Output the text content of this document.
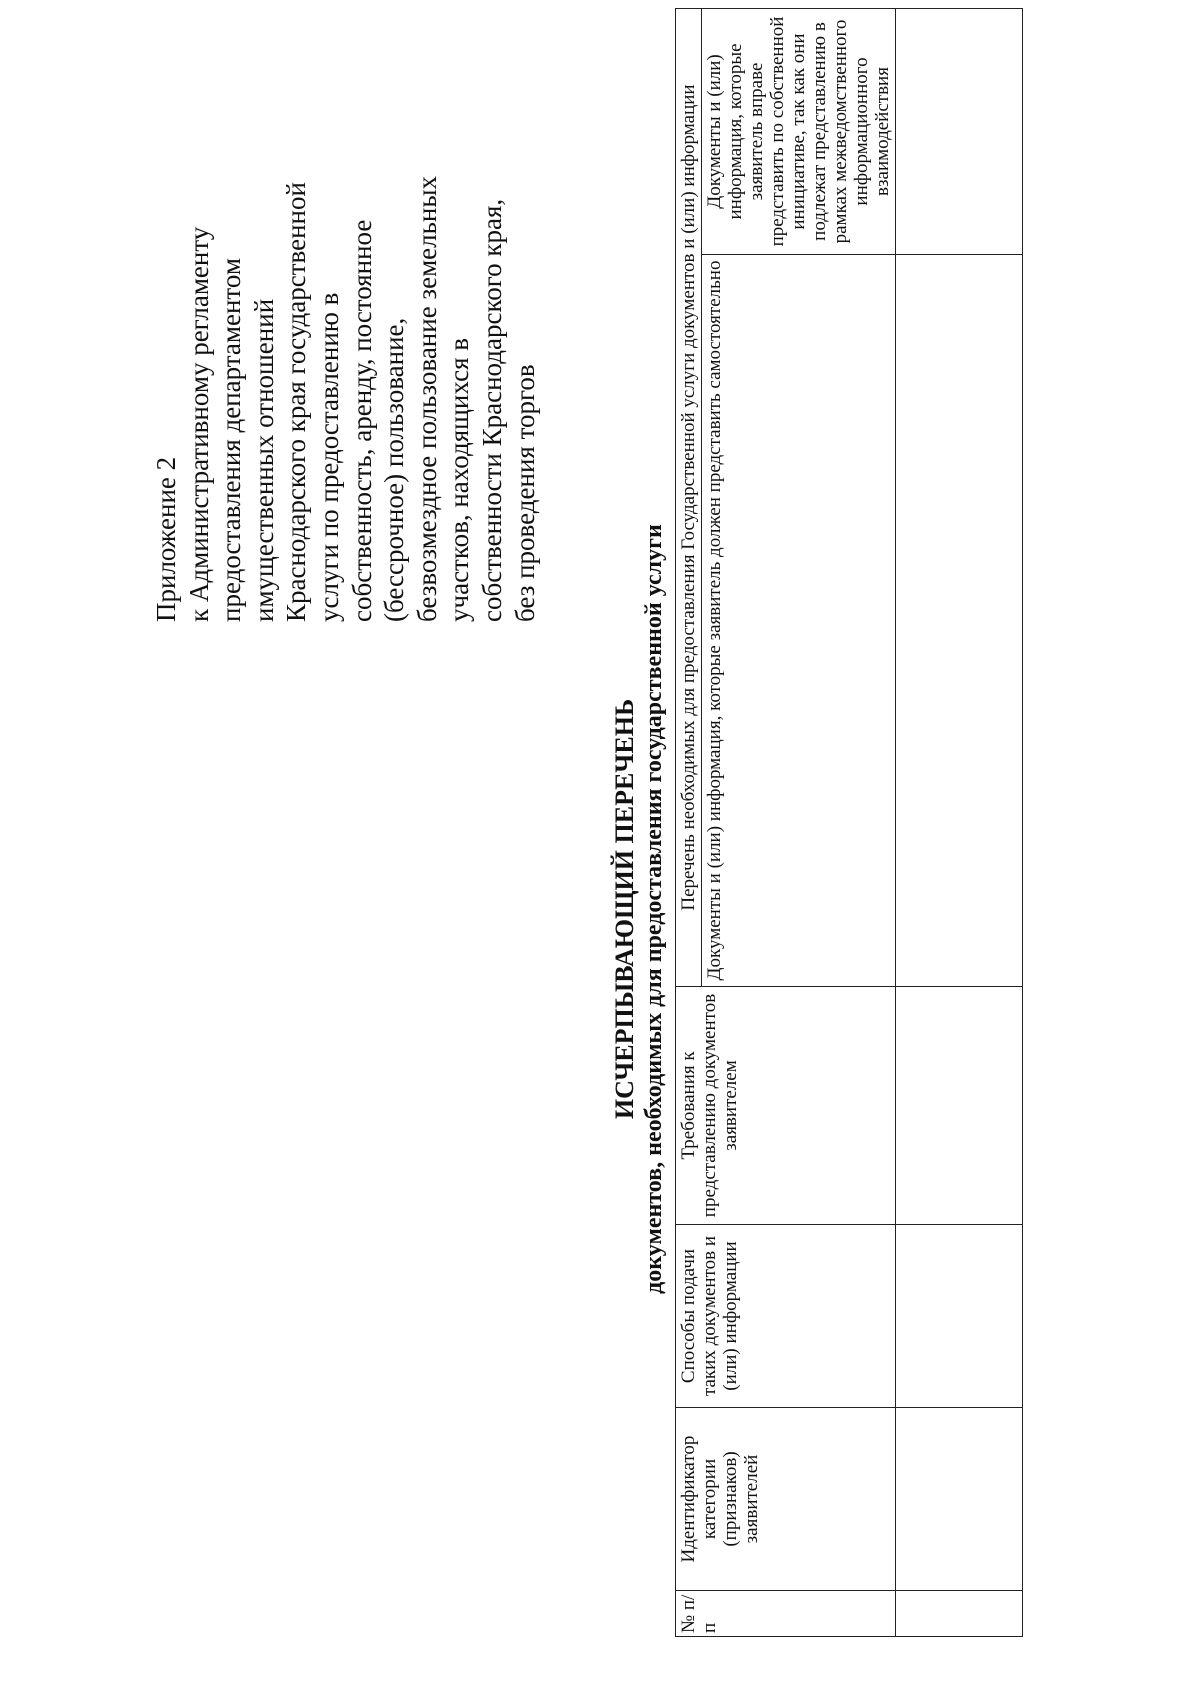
Приложение 2 к Административному регламенту предоставления департаментом имущественных отношений Краснодарского края государственной услуги по предоставлению в собственность, аренду, постоянное (бессрочное) пользование, безвозмездное пользование земельных участков, находящихся в собственности Краснодарского края, без проведения торгов
ИСЧЕРПЫВАЮЩИЙ ПЕРЕЧЕНЬ документов, необходимых для предоставления государственной услуги
№ п/п	Идентификатор категории (признаков) заявителей	Способы подачи таких документов и (или) информации	Требования к представлению документов заявителем	Перечень необходимых для предоставления Государственной услуги документов и (или) информации	
				Документы и (или) информация, которые заявитель должен представить самостоятельно	Документы и (или) информация, которые заявитель вправе представить по собственной инициативе, так как они подлежат представлению в рамках межведомственного информационного взаимодействия
